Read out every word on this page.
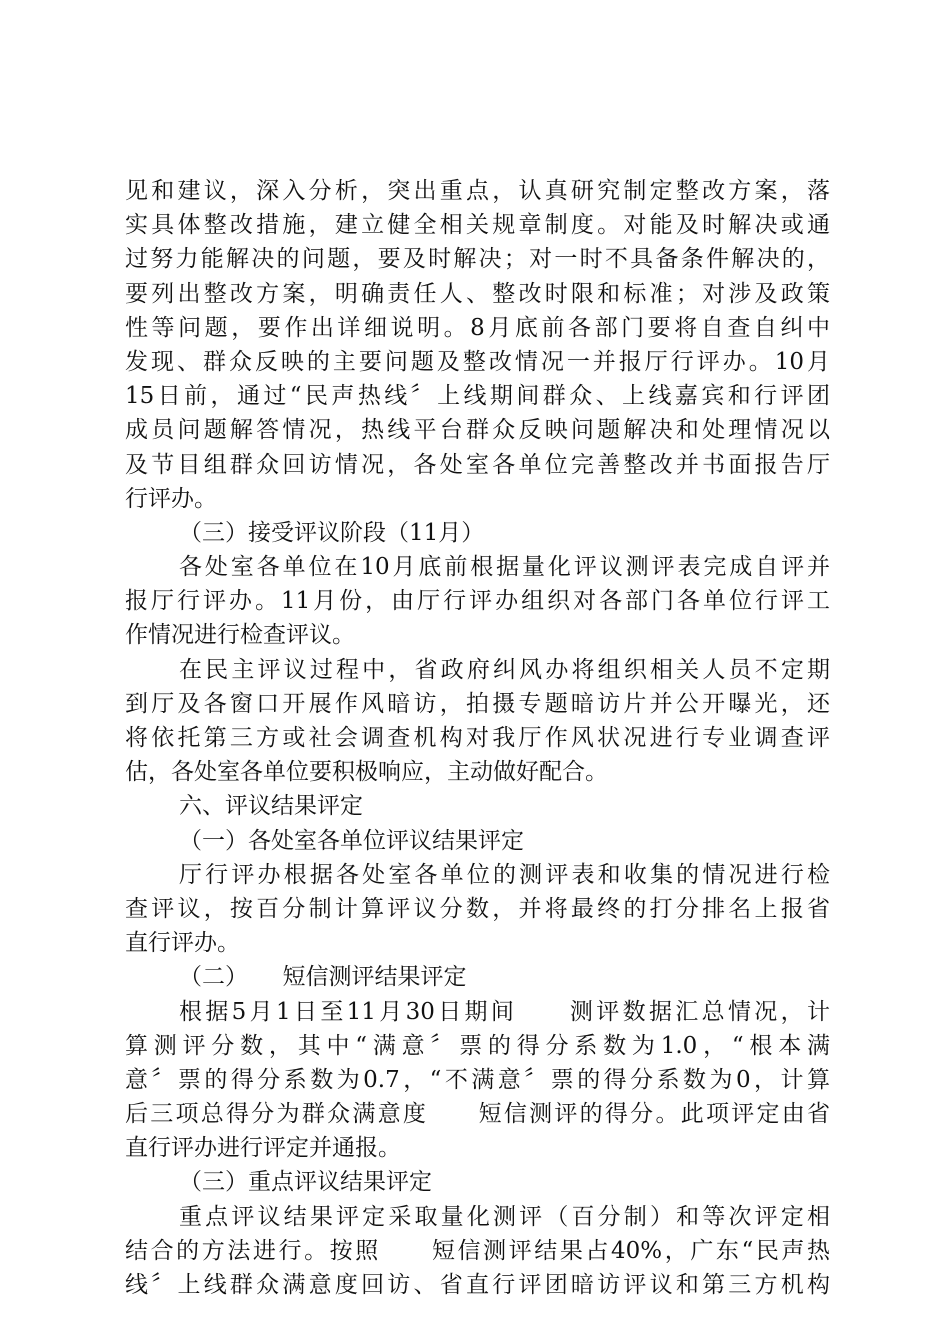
见和建议，深入分析，突出重点，认真研究制定整改方案，落
实具体整改措施，建立健全相关规章制度。对能及时解决或通
过努力能解决的问题，要及时解决；对一时不具备条件解决的，
要列出整改方案，明确责任人、整改时限和标准；对涉及政策
性等问题，要作出详细说明。8月底前各部门要将自查自纠中
发现、群众反映的主要问题及整改情况一并报厅行评办。10月
15日前，通过“民声热线〞上线期间群众、上线嘉宾和行评团
成员问题解答情况，热线平台群众反映问题解决和处理情况以
及节目组群众回访情况，各处室各单位完善整改并书面报告厅
行评办。
（三）接受评议阶段（11月）
各处室各单位在10月底前根据量化评议测评表完成自评并
报厅行评办。11月份，由厅行评办组织对各部门各单位行评工
作情况进行检查评议。
在民主评议过程中，省政府纠风办将组织相关人员不定期
到厅及各窗口开展作风暗访，拍摄专题暗访片并公开曝光，还
将依托第三方或社会调查机构对我厅作风状况进行专业调查评
估，各处室各单位要积极响应，主动做好配合。
六、评议结果评定
（一）各处室各单位评议结果评定
厅行评办根据各处室各单位的测评表和收集的情况进行检
查评议，按百分制计算评议分数，并将最终的打分排名上报省
直行评办。
（二）　　短信测评结果评定
根据5月1日至11月30日期间　　测评数据汇总情况，计
算测评分数，其中“满意〞票的得分系数为1.0，“根本满
意〞票的得分系数为0.7，“不满意〞票的得分系数为0，计算
后三项总得分为群众满意度　　短信测评的得分。此项评定由省
直行评办进行评定并通报。
（三）重点评议结果评定
重点评议结果评定采取量化测评（百分制）和等次评定相
结合的方法进行。按照　　短信测评结果占40%，广东“民声热
线〞上线群众满意度回访、省直行评团暗访评议和第三方机构
